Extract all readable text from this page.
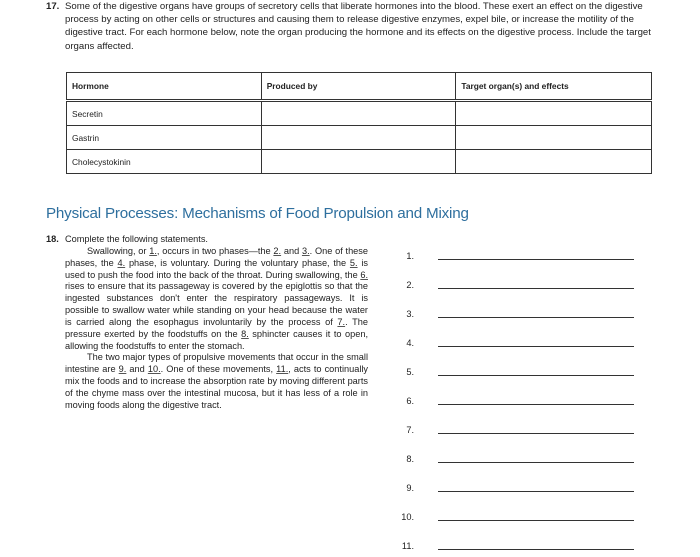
17. Some of the digestive organs have groups of secretory cells that liberate hormones into the blood. These exert an effect on the digestive process by acting on other cells or structures and causing them to release digestive enzymes, expel bile, or increase the motility of the digestive tract. For each hormone below, note the organ producing the hormone and its effects on the digestive process. Include the target organs affected.
Hormone	Produced by	Target organ(s) and effects
Secretin		
Gastrin		
Cholecystokinin		
Physical Processes: Mechanisms of Food Propulsion and Mixing
18. Complete the following statements.

Swallowing, or 1., occurs in two phases—the 2. and 3.. One of these phases, the 4. phase, is voluntary. During the voluntary phase, the 5. is used to push the food into the back of the throat. During swallowing, the 6. rises to ensure that its passageway is covered by the epiglottis so that the ingested substances don't enter the respiratory passageways. It is possible to swallow water while standing on your head because the water is carried along the esophagus involuntarily by the process of 7.. The pressure exerted by the foodstuffs on the 8. sphincter causes it to open, allowing the foodstuffs to enter the stomach.

The two major types of propulsive movements that occur in the small intestine are 9. and 10.. One of these movements, 11., acts to continually mix the foods and to increase the absorption rate by moving different parts of the chyme mass over the intestinal mucosa, but it has less of a role in moving foods along the digestive tract.

1.
2.
3.
4.
5.
6.
7.
8.
9.
10.
11.
